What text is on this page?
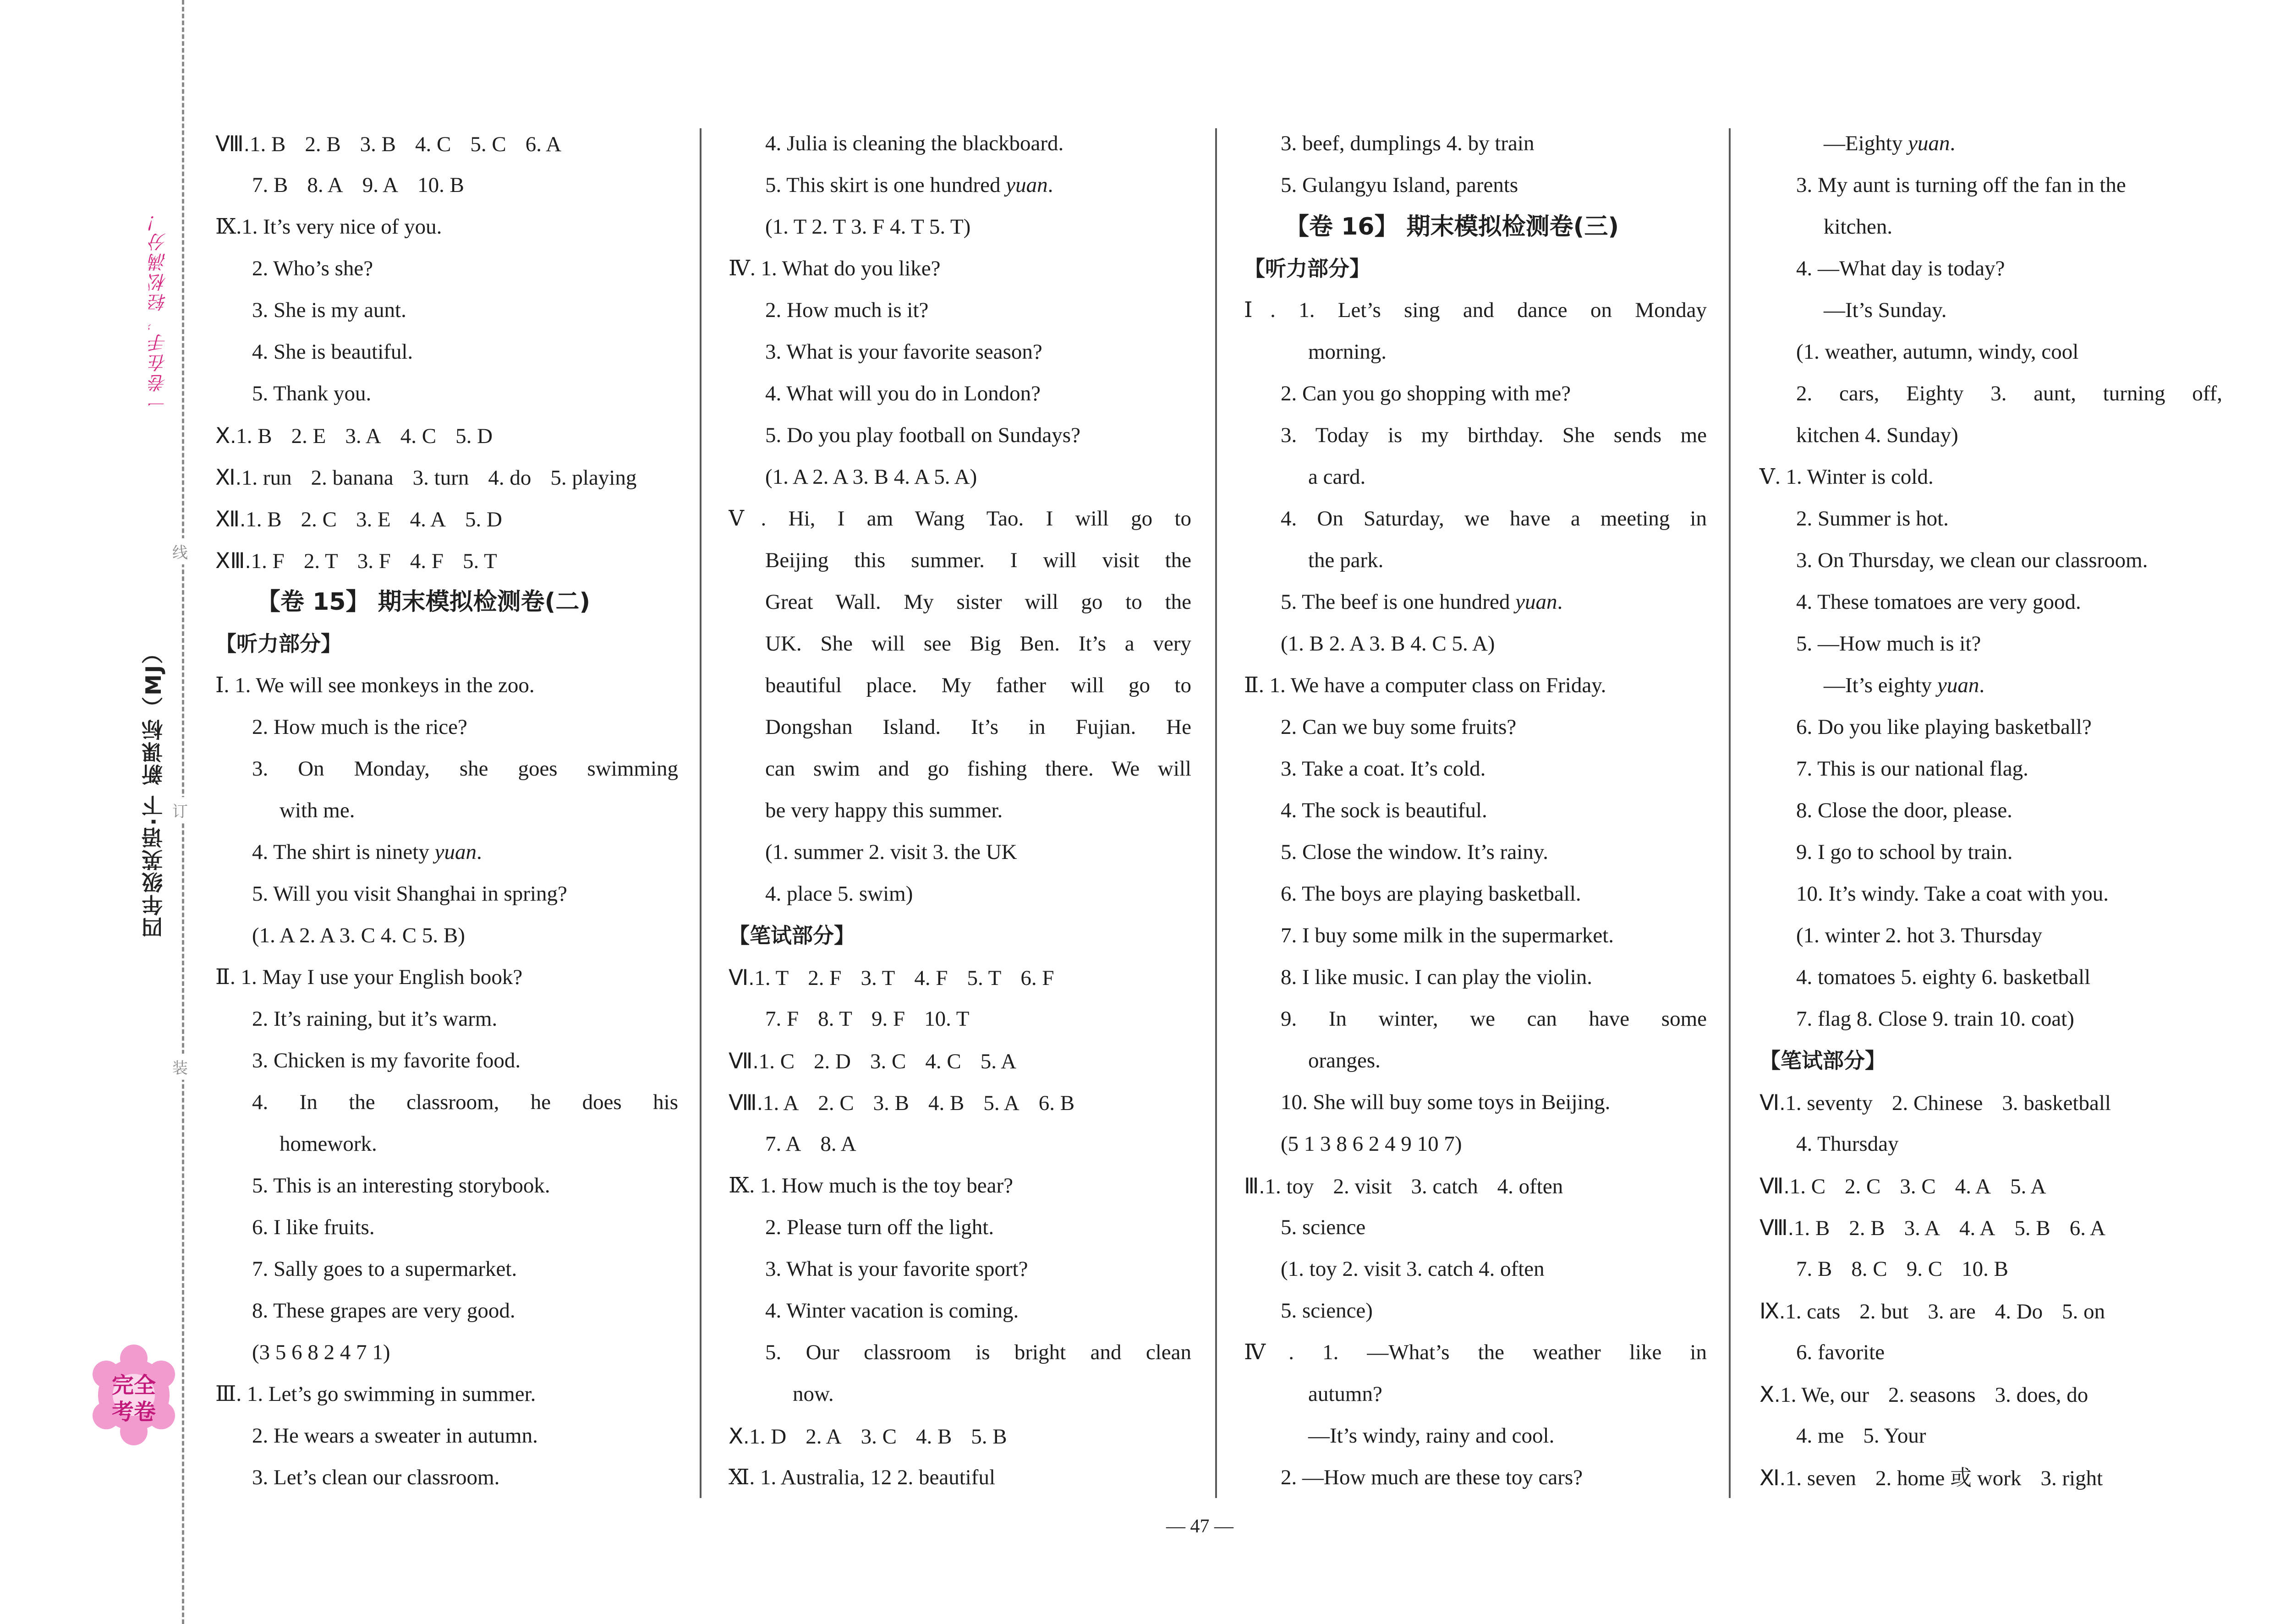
一卷在手，轻松满分！
四年级英语·下 新课标（MJ）
线
订
装
完全
考卷
Ⅷ.1. B 2. B 3. B 4. C 5. C 6. A
7. B 8. A 9. A 10. B
Ⅸ.1. It’s very nice of you.
2. Who’s she?
3. She is my aunt.
4. She is beautiful.
5. Thank you.
Ⅹ.1. B 2. E 3. A 4. C 5. D
Ⅺ.1. run 2. banana 3. turn 4. do 5. playing
Ⅻ.1. B 2. C 3. E 4. A 5. D
ⅩⅢ.1. F 2. T 3. F 4. F 5. T
【卷 15】 期末模拟检测卷(二)
【听力部分】
Ⅰ. 1. We will see monkeys in the zoo.
2. How much is the rice?
3. On Monday, she goes swimming
with me.
4. The shirt is ninety yuan.
5. Will you visit Shanghai in spring?
(1. A 2. A 3. C 4. C 5. B)
Ⅱ. 1. May I use your English book?
2. It’s raining, but it’s warm.
3. Chicken is my favorite food.
4. In the classroom, he does his
homework.
5. This is an interesting storybook.
6. I like fruits.
7. Sally goes to a supermarket.
8. These grapes are very good.
(3 5 6 8 2 4 7 1)
Ⅲ. 1. Let’s go swimming in summer.
2. He wears a sweater in autumn.
3. Let’s clean our classroom.
4. Julia is cleaning the blackboard.
5. This skirt is one hundred yuan.
(1. T 2. T 3. F 4. T 5. T)
Ⅳ. 1. What do you like?
2. How much is it?
3. What is your favorite season?
4. What will you do in London?
5. Do you play football on Sundays?
(1. A 2. A 3. B 4. A 5. A)
Ⅴ. Hi, I am Wang Tao. I will go to
Beijing this summer. I will visit the
Great Wall. My sister will go to the
UK. She will see Big Ben. It’s a very
beautiful place. My father will go to
Dongshan Island. It’s in Fujian. He
can swim and go fishing there. We will
be very happy this summer.
(1. summer 2. visit 3. the UK
4. place 5. swim)
【笔试部分】
Ⅵ.1. T 2. F 3. T 4. F 5. T 6. F
7. F 8. T 9. F 10. T
Ⅶ.1. C 2. D 3. C 4. C 5. A
Ⅷ.1. A 2. C 3. B 4. B 5. A 6. B
7. A 8. A
Ⅸ. 1. How much is the toy bear?
2. Please turn off the light.
3. What is your favorite sport?
4. Winter vacation is coming.
5. Our classroom is bright and clean
now.
Ⅹ.1. D 2. A 3. C 4. B 5. B
Ⅺ. 1. Australia, 12 2. beautiful
3. beef, dumplings 4. by train
5. Gulangyu Island, parents
【卷 16】 期末模拟检测卷(三)
【听力部分】
Ⅰ. 1. Let’s sing and dance on Monday
morning.
2. Can you go shopping with me?
3. Today is my birthday. She sends me
a card.
4. On Saturday, we have a meeting in
the park.
5. The beef is one hundred yuan.
(1. B 2. A 3. B 4. C 5. A)
Ⅱ. 1. We have a computer class on Friday.
2. Can we buy some fruits?
3. Take a coat. It’s cold.
4. The sock is beautiful.
5. Close the window. It’s rainy.
6. The boys are playing basketball.
7. I buy some milk in the supermarket.
8. I like music. I can play the violin.
9. In winter, we can have some
oranges.
10. She will buy some toys in Beijing.
(5 1 3 8 6 2 4 9 10 7)
Ⅲ.1. toy 2. visit 3. catch 4. often
5. science
(1. toy 2. visit 3. catch 4. often
5. science)
Ⅳ. 1. —What’s the weather like in
autumn?
—It’s windy, rainy and cool.
2. —How much are these toy cars?
—Eighty yuan.
3. My aunt is turning off the fan in the
kitchen.
4. —What day is today?
—It’s Sunday.
(1. weather, autumn, windy, cool
2. cars, Eighty 3. aunt, turning off,
kitchen 4. Sunday)
Ⅴ. 1. Winter is cold.
2. Summer is hot.
3. On Thursday, we clean our classroom.
4. These tomatoes are very good.
5. —How much is it?
—It’s eighty yuan.
6. Do you like playing basketball?
7. This is our national flag.
8. Close the door, please.
9. I go to school by train.
10. It’s windy. Take a coat with you.
(1. winter 2. hot 3. Thursday
4. tomatoes 5. eighty 6. basketball
7. flag 8. Close 9. train 10. coat)
【笔试部分】
Ⅵ.1. seventy 2. Chinese 3. basketball
4. Thursday
Ⅶ.1. C 2. C 3. C 4. A 5. A
Ⅷ.1. B 2. B 3. A 4. A 5. B 6. A
7. B 8. C 9. C 10. B
Ⅸ.1. cats 2. but 3. are 4. Do 5. on
6. favorite
Ⅹ.1. We, our 2. seasons 3. does, do
4. me 5. Your
Ⅺ.1. seven 2. home 或 work 3. right
— 47 —
